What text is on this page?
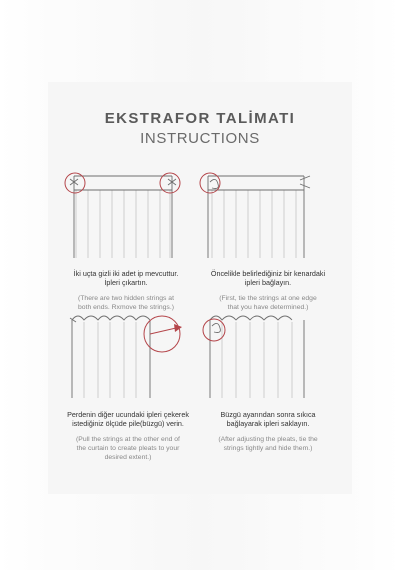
EKSTRAFOR TALİMATI
INSTRUCTIONS
İki uçta gizli iki adet ip mevcuttur.
İpleri çıkartın.
(There are two hidden strings at
both ends. Rxmove the strings.)
Öncelikle belirlediğiniz bir kenardaki
ipleri bağlayın.
(First, tie the strings at one edge
that you have determined.)
Perdenin diğer ucundaki ipleri çekerek
istediğiniz ölçüde pile(büzgü) verin.
(Pull the strings at the other end of
the curtain to create pleats to your
desired extent.)
Büzgü ayarından sonra sıkıca
bağlayarak ipleri saklayın.
(After adjusting the pleats, tie the
strings tightly and hide them.)
